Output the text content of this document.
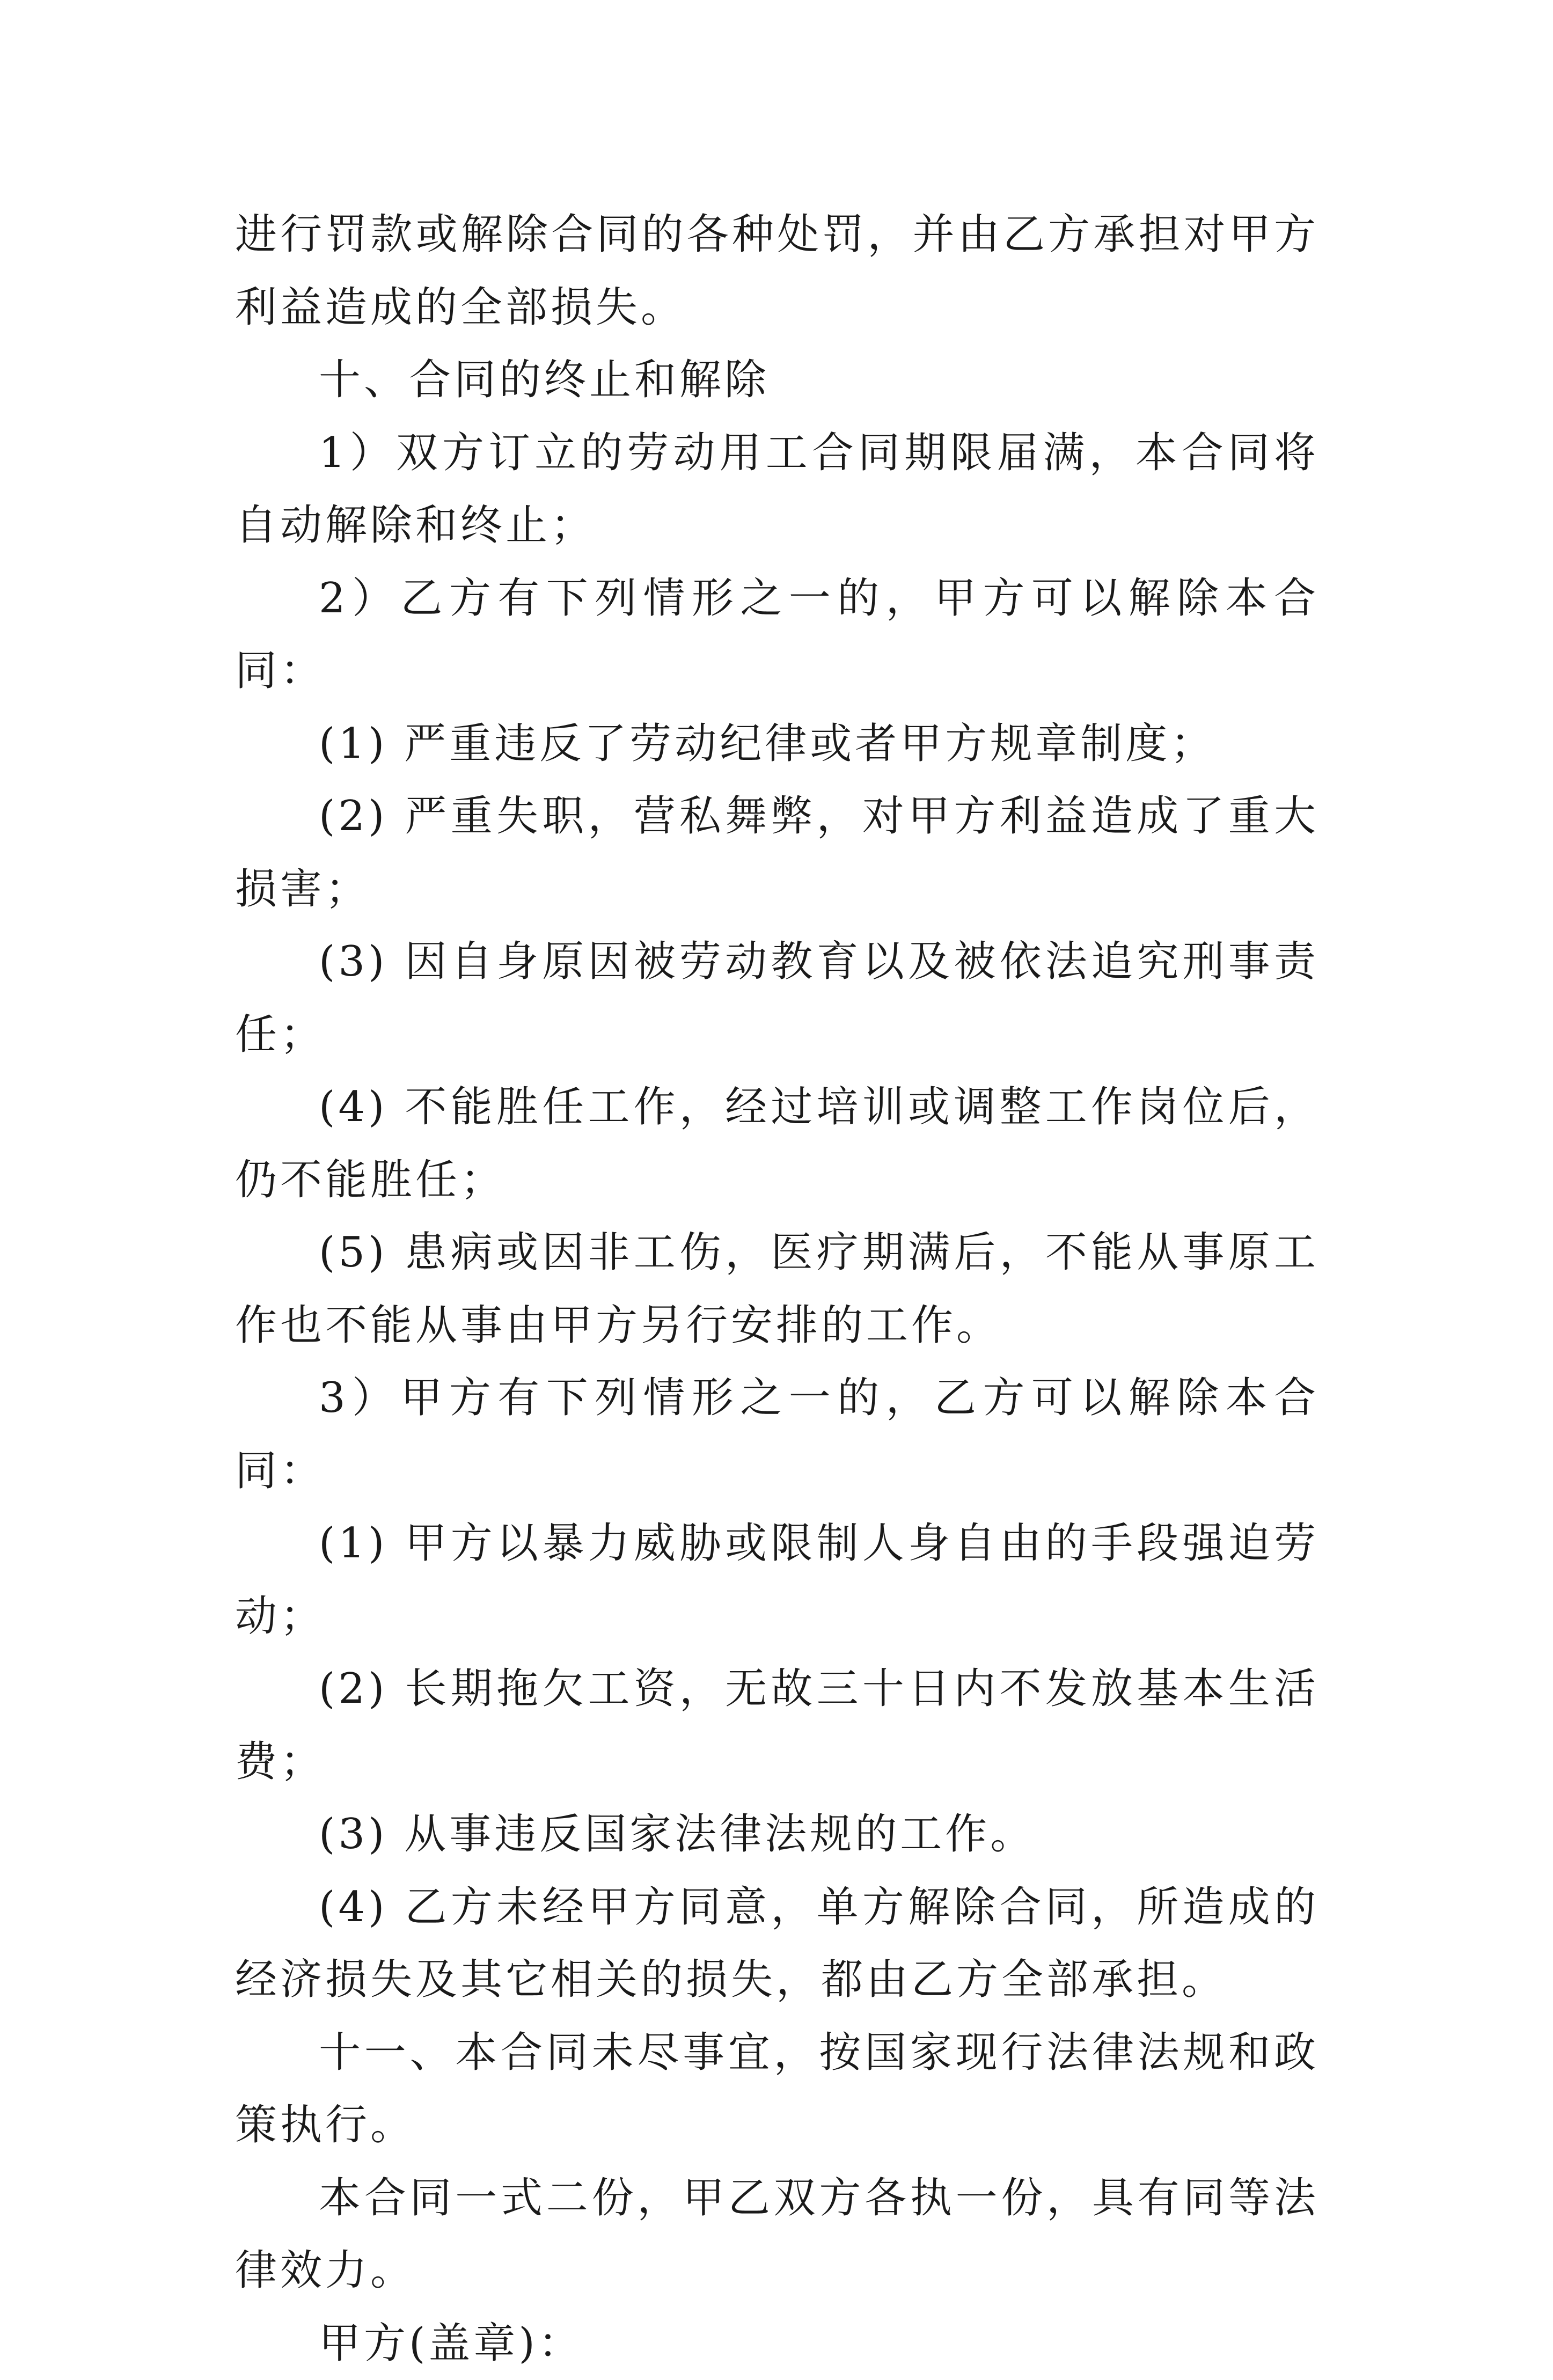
进行罚款或解除合同的各种处罚，并由乙方承担对甲方利益造成的全部损失。

十、合同的终止和解除

1）双方订立的劳动用工合同期限届满，本合同将自动解除和终止；

2）乙方有下列情形之一的，甲方可以解除本合同：

(1) 严重违反了劳动纪律或者甲方规章制度；

(2) 严重失职，营私舞弊，对甲方利益造成了重大损害；

(3) 因自身原因被劳动教育以及被依法追究刑事责任；

(4) 不能胜任工作，经过培训或调整工作岗位后，仍不能胜任；

(5) 患病或因非工伤，医疗期满后，不能从事原工作也不能从事由甲方另行安排的工作。

3）甲方有下列情形之一的，乙方可以解除本合同：

(1) 甲方以暴力威胁或限制人身自由的手段强迫劳动；

(2) 长期拖欠工资，无故三十日内不发放基本生活费；

(3) 从事违反国家法律法规的工作。

(4) 乙方未经甲方同意，单方解除合同，所造成的经济损失及其它相关的损失，都由乙方全部承担。

十一、本合同未尽事宜，按国家现行法律法规和政策执行。

本合同一式二份，甲乙双方各执一份，具有同等法律效力。

甲方(盖章)：
